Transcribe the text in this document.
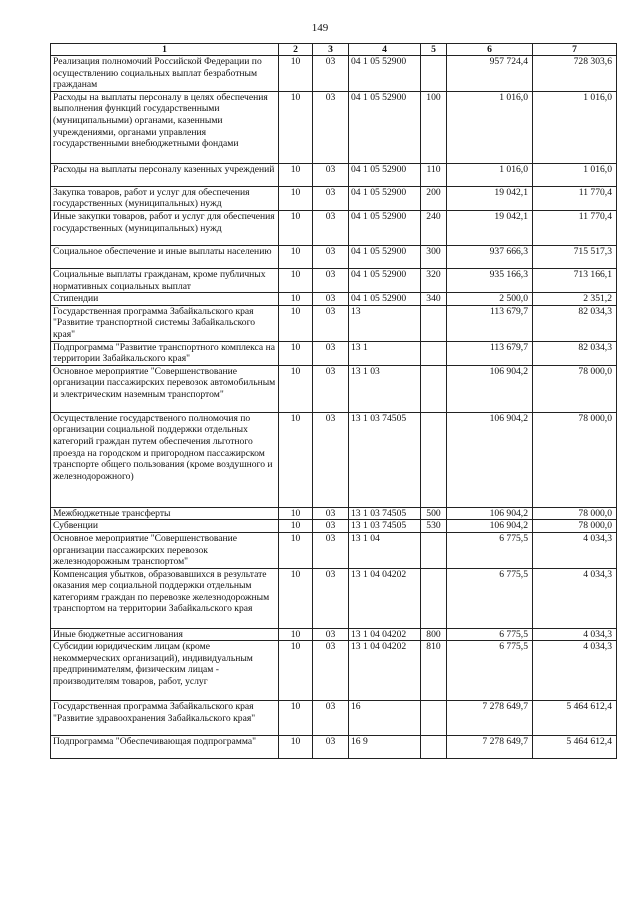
149
1	2	3	4	5	6	7
Реализация полномочий Российской Федерации по осуществлению социальных выплат безработным гражданам	10	03	04 1 05 52900		957 724,4	728 303,6
Расходы на выплаты персоналу в целях обеспечения выполнения функций государственными (муниципальными) органами, казенными учреждениями, органами управления государственными внебюджетными фондами	10	03	04 1 05 52900	100	1 016,0	1 016,0
Расходы на выплаты персоналу казенных учреждений	10	03	04 1 05 52900	110	1 016,0	1 016,0
Закупка товаров, работ и услуг для обеспечения государственных (муниципальных) нужд	10	03	04 1 05 52900	200	19 042,1	11 770,4
Иные закупки товаров, работ и услуг для обеспечения государственных (муниципальных) нужд	10	03	04 1 05 52900	240	19 042,1	11 770,4
Социальное обеспечение и иные выплаты населению	10	03	04 1 05 52900	300	937 666,3	715 517,3
Социальные выплаты гражданам, кроме публичных нормативных социальных выплат	10	03	04 1 05 52900	320	935 166,3	713 166,1
Стипендии	10	03	04 1 05 52900	340	2 500,0	2 351,2
Государственная программа Забайкальского края "Развитие транспортной системы Забайкальского края"	10	03	13		113 679,7	82 034,3
Подпрограмма "Развитие транспортного комплекса на территории Забайкальского края"	10	03	13 1		113 679,7	82 034,3
Основное мероприятие "Совершенствование организации пассажирских перевозок автомобильным и электрическим наземным транспортом"	10	03	13 1 03		106 904,2	78 000,0
Осуществление государственого полномочия по организации социальной поддержки отдельных категорий граждан путем обеспечения льготного проезда на городском и пригородном пассажирском транспорте общего пользования (кроме воздушного и железнодорожного)	10	03	13 1 03 74505		106 904,2	78 000,0
Межбюджетные трансферты	10	03	13 1 03 74505	500	106 904,2	78 000,0
Субвенции	10	03	13 1 03 74505	530	106 904,2	78 000,0
Основное мероприятие "Совершенствование организации пассажирских перевозок железнодорожным транспортом"	10	03	13 1 04		6 775,5	4 034,3
Компенсация убытков, образовавшихся в результате оказания мер социальной поддержки отдельным категориям граждан по перевозке железнодорожным транспортом на территории Забайкальского края	10	03	13 1 04 04202		6 775,5	4 034,3
Иные бюджетные ассигнования	10	03	13 1 04 04202	800	6 775,5	4 034,3
Субсидии юридическим лицам (кроме некоммерческих организаций), индивидуальным предпринимателям, физическим лицам - производителям товаров, работ, услуг	10	03	13 1 04 04202	810	6 775,5	4 034,3
Государственная программа Забайкальского края "Развитие здравоохранения Забайкальского края"	10	03	16		7 278 649,7	5 464 612,4
Подпрограмма "Обеспечивающая подпрограмма"	10	03	16 9		7 278 649,7	5 464 612,4
